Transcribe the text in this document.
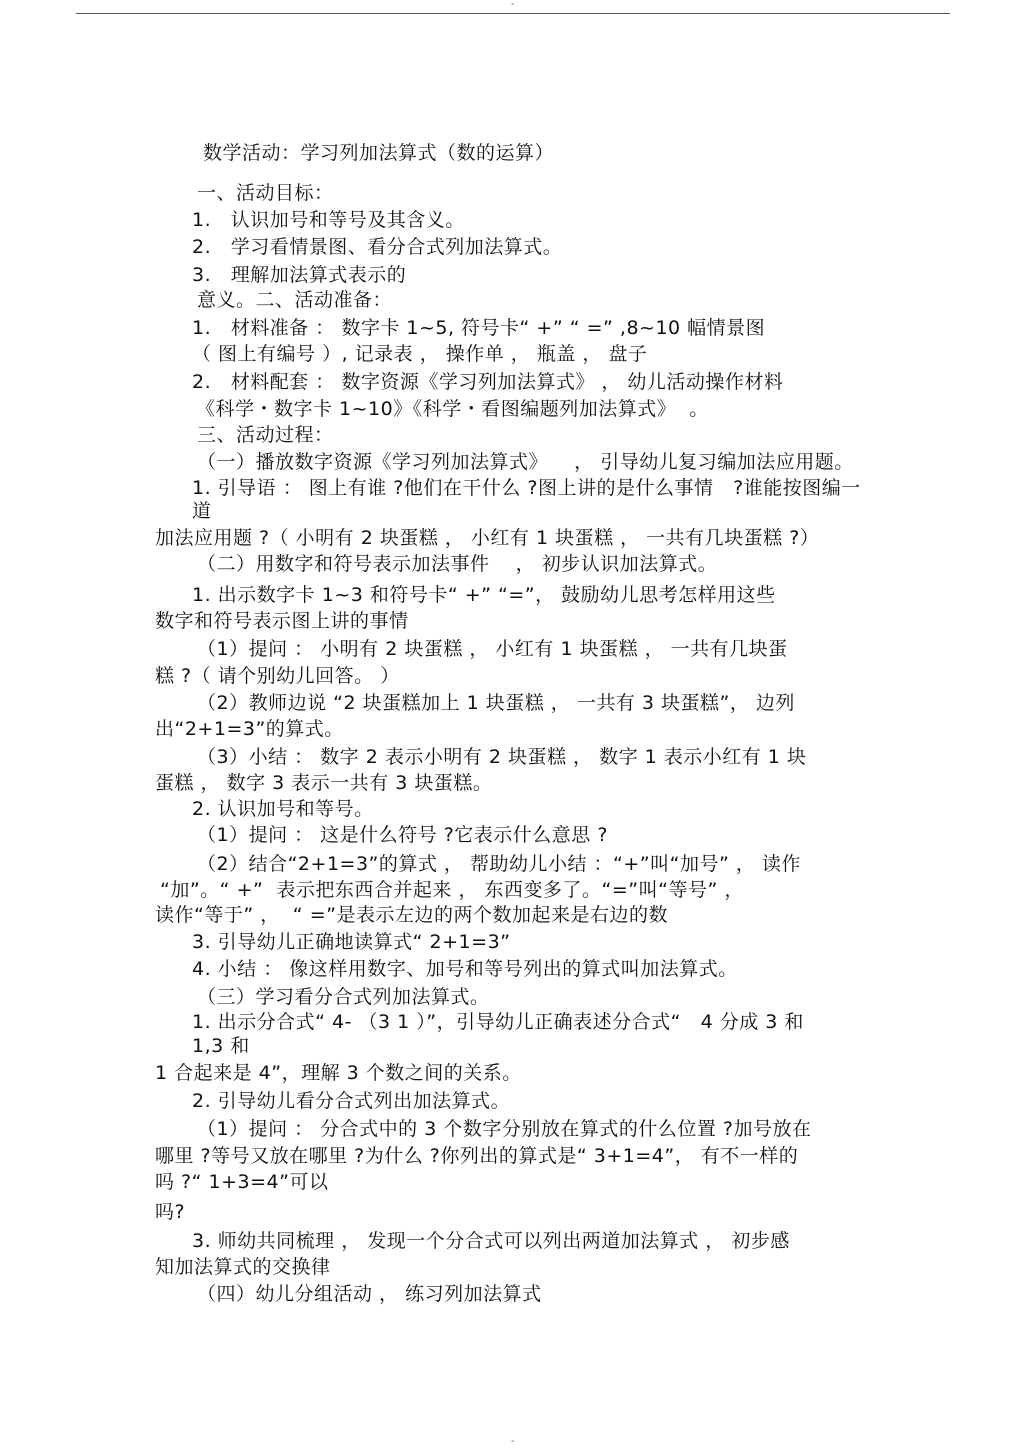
-
数学活动：学习列加法算式（数的运算）
一、活动目标：
1.   认识加号和等号及其含义。
2.   学习看情景图、看分合式列加法算式。
3.   理解加法算式表示的
意义。二、活动准备：
1.   材料准备 ： 数字卡 1~5, 符号卡“ +” “ =” ,8~10 幅情景图
（ 图上有编号 ）, 记录表 ， 操作单 ， 瓶盖 ， 盘子
2.   材料配套 ： 数字资源《学习列加法算式》 ， 幼儿活动操作材料
《科学・数字卡 1~10》《科学・看图编题列加法算式》  。
三、活动过程：
（一）播放数字资源《学习列加法算式》    ， 引导幼儿复习编加法应用题。
1. 引导语 ： 图上有谁 ?他们在干什么 ?图上讲的是什么事情   ?谁能按图编一
道
加法应用题 ?（ 小明有 2 块蛋糕 ， 小红有 1 块蛋糕 ， 一共有几块蛋糕 ?）
（二）用数字和符号表示加法事件    ， 初步认识加法算式。
1. 出示数字卡 1~3 和符号卡“ +” “=”， 鼓励幼儿思考怎样用这些
数字和符号表示图上讲的事情
（1）提问 ： 小明有 2 块蛋糕 ， 小红有 1 块蛋糕 ， 一共有几块蛋
糕 ?（ 请个别幼儿回答。 ）
（2）教师边说 “2 块蛋糕加上 1 块蛋糕 ， 一共有 3 块蛋糕”， 边列
出“2+1=3”的算式。
（3）小结 ： 数字 2 表示小明有 2 块蛋糕 ， 数字 1 表示小红有 1 块
蛋糕 ， 数字 3 表示一共有 3 块蛋糕。
2. 认识加号和等号。
（1）提问 ： 这是什么符号 ?它表示什么意思 ?
（2）结合“2+1=3”的算式 ， 帮助幼儿小结 ：“+”叫“加号” ， 读作
“加”。“ +”  表示把东西合并起来 ， 东西变多了。“=”叫“等号” ，
读作“等于” ，  “ =”是表示左边的两个数加起来是右边的数
3. 引导幼儿正确地读算式“ 2+1=3”
4. 小结 ： 像这样用数字、加号和等号列出的算式叫加法算式。
（三）学习看分合式列加法算式。
1. 出示分合式“ 4- （3 1 ）”，引导幼儿正确表述分合式“   4 分成 3 和
1,3 和
1 合起来是 4”，理解 3 个数之间的关系。
2. 引导幼儿看分合式列出加法算式。
（1）提问 ： 分合式中的 3 个数字分别放在算式的什么位置 ?加号放在
哪里 ?等号又放在哪里 ?为什么 ?你列出的算式是“ 3+1=4”， 有不一样的
吗 ?“ 1+3=4”可以
吗?
3. 师幼共同梳理 ， 发现一个分合式可以列出两道加法算式 ， 初步感
知加法算式的交换律
（四）幼儿分组活动 ， 练习列加法算式
-
